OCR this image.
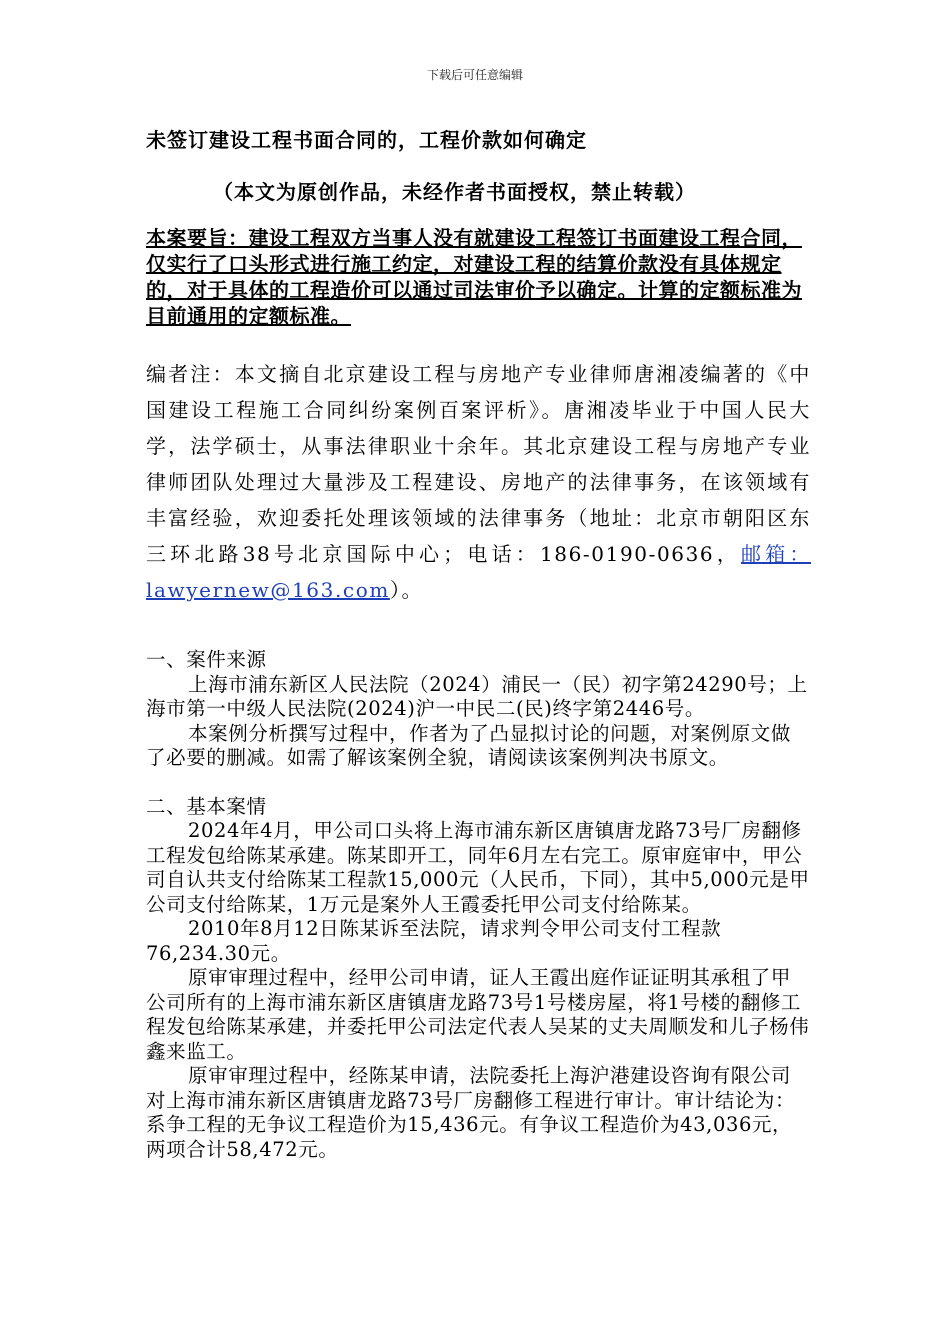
下载后可任意编辑
未签订建设工程书面合同的，工程价款如何确定
（本文为原创作品，未经作者书面授权，禁止转载）
本案要旨：建设工程双方当事人没有就建设工程签订书面建设工程合同，仅实行了口头形式进行施工约定，对建设工程的结算价款没有具体规定的，对于具体的工程造价可以通过司法审价予以确定。计算的定额标准为目前通用的定额标准。
编者注：本文摘自北京建设工程与房地产专业律师唐湘凌编著的《中国建设工程施工合同纠纷案例百案评析》。唐湘凌毕业于中国人民大学，法学硕士，从事法律职业十余年。其北京建设工程与房地产专业律师团队处理过大量涉及工程建设、房地产的法律事务，在该领域有丰富经验，欢迎委托处理该领域的法律事务（地址：北京市朝阳区东三环北路38号北京国际中心；电话：186-0190-0636，邮箱：lawyernew@163.com）。

一、案件来源

上海市浦东新区人民法院（2024）浦民一（民）初字第24290号；上海市第一中级人民法院(2024)沪一中民二(民)终字第2446号。

本案例分析撰写过程中，作者为了凸显拟讨论的问题，对案例原文做了必要的删减。如需了解该案例全貌，请阅读该案例判决书原文。

二、基本案情

2024年4月，甲公司口头将上海市浦东新区唐镇唐龙路73号厂房翻修工程发包给陈某承建。陈某即开工，同年6月左右完工。原审庭审中，甲公司自认共支付给陈某工程款15,000元（人民币，下同），其中5,000元是甲公司支付给陈某，1万元是案外人王霞委托甲公司支付给陈某。

2010年8月12日陈某诉至法院，请求判令甲公司支付工程款76,234.30元。

原审审理过程中，经甲公司申请，证人王霞出庭作证证明其承租了甲公司所有的上海市浦东新区唐镇唐龙路73号1号楼房屋，将1号楼的翻修工程发包给陈某承建，并委托甲公司法定代表人吴某的丈夫周顺发和儿子杨伟鑫来监工。

原审审理过程中，经陈某申请，法院委托上海沪港建设咨询有限公司对上海市浦东新区唐镇唐龙路73号厂房翻修工程进行审计。审计结论为：系争工程的无争议工程造价为15,436元。有争议工程造价为43,036元，两项合计58,472元。
